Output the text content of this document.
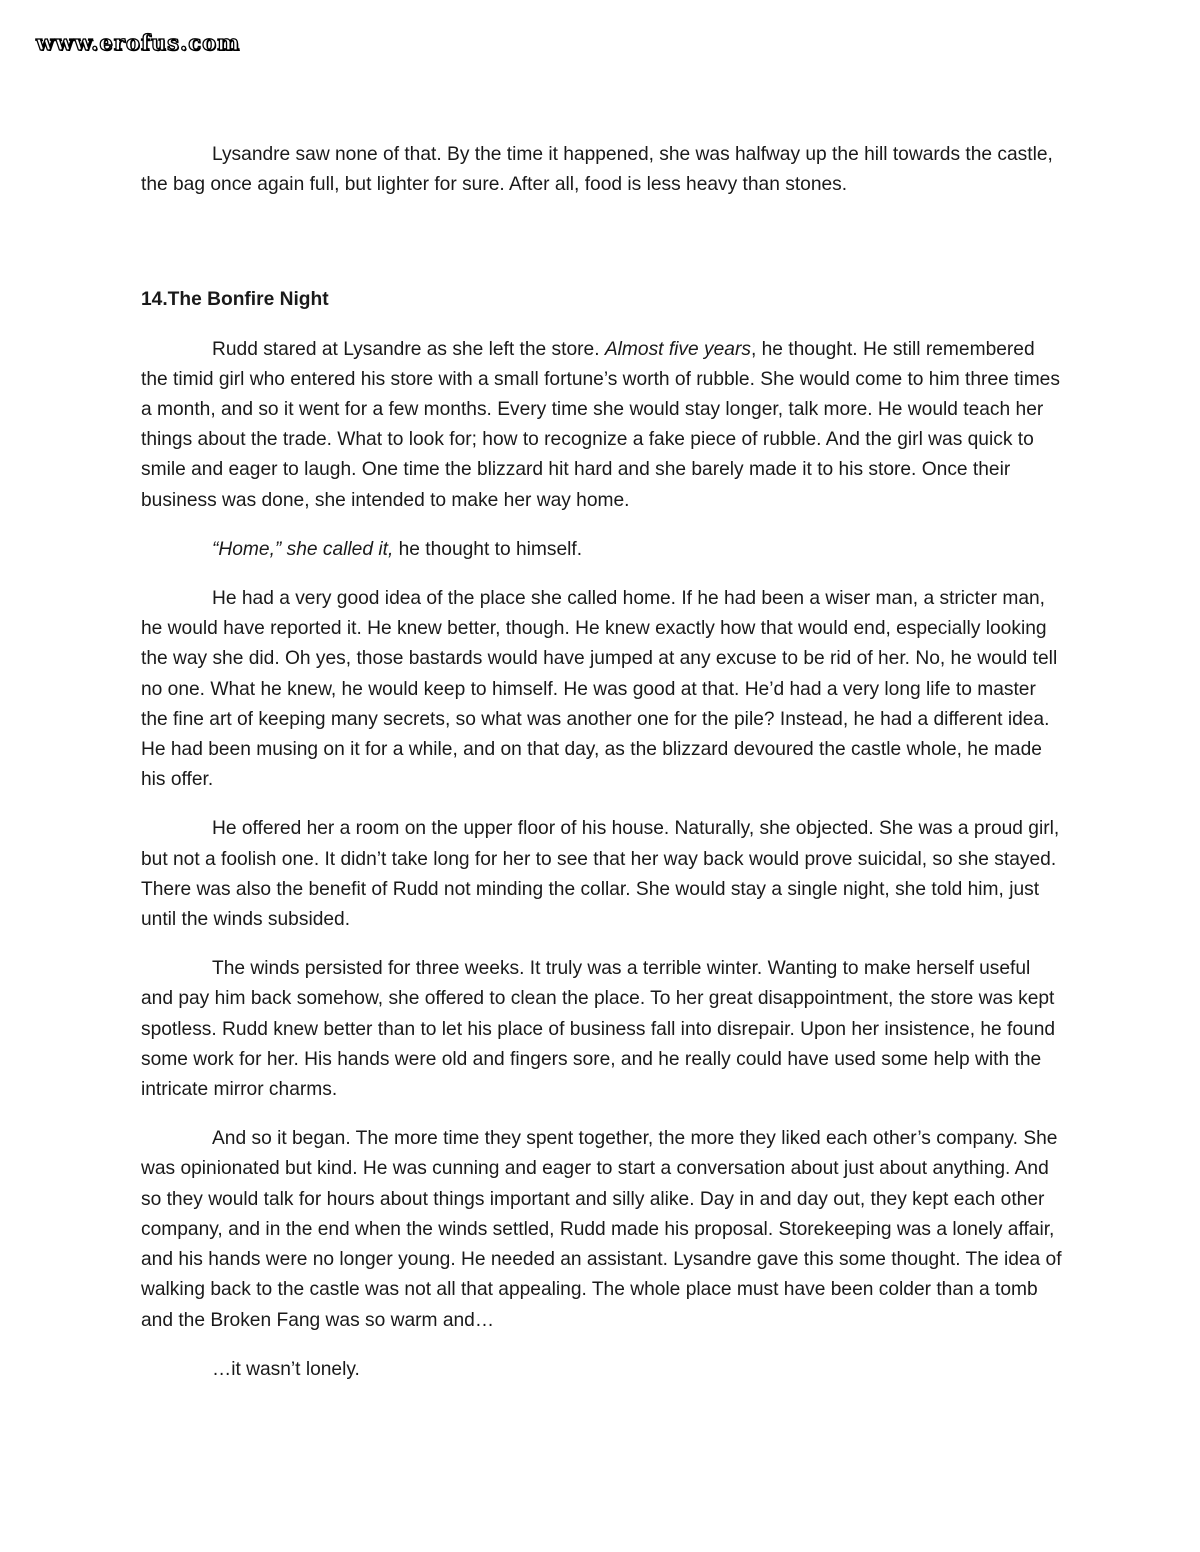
www.erofus.com

Lysandre saw none of that. By the time it happened, she was halfway up the hill towards the castle, the bag once again full, but lighter for sure. After all, food is less heavy than stones.

14.The Bonfire Night

Rudd stared at Lysandre as she left the store. Almost five years, he thought. He still remembered the timid girl who entered his store with a small fortune’s worth of rubble. She would come to him three times a month, and so it went for a few months. Every time she would stay longer, talk more. He would teach her things about the trade. What to look for; how to recognize a fake piece of rubble. And the girl was quick to smile and eager to laugh. One time the blizzard hit hard and she barely made it to his store. Once their business was done, she intended to make her way home.

“Home,” she called it, he thought to himself.

He had a very good idea of the place she called home. If he had been a wiser man, a stricter man, he would have reported it. He knew better, though. He knew exactly how that would end, especially looking the way she did. Oh yes, those bastards would have jumped at any excuse to be rid of her. No, he would tell no one. What he knew, he would keep to himself. He was good at that. He’d had a very long life to master the fine art of keeping many secrets, so what was another one for the pile? Instead, he had a different idea. He had been musing on it for a while, and on that day, as the blizzard devoured the castle whole, he made his offer.

He offered her a room on the upper floor of his house. Naturally, she objected. She was a proud girl, but not a foolish one. It didn’t take long for her to see that her way back would prove suicidal, so she stayed. There was also the benefit of Rudd not minding the collar. She would stay a single night, she told him, just until the winds subsided.

The winds persisted for three weeks. It truly was a terrible winter. Wanting to make herself useful and pay him back somehow, she offered to clean the place. To her great disappointment, the store was kept spotless. Rudd knew better than to let his place of business fall into disrepair. Upon her insistence, he found some work for her. His hands were old and fingers sore, and he really could have used some help with the intricate mirror charms.

And so it began. The more time they spent together, the more they liked each other’s company. She was opinionated but kind. He was cunning and eager to start a conversation about just about anything. And so they would talk for hours about things important and silly alike. Day in and day out, they kept each other company, and in the end when the winds settled, Rudd made his proposal. Storekeeping was a lonely affair, and his hands were no longer young. He needed an assistant. Lysandre gave this some thought. The idea of walking back to the castle was not all that appealing. The whole place must have been colder than a tomb and the Broken Fang was so warm and…

…it wasn’t lonely.
